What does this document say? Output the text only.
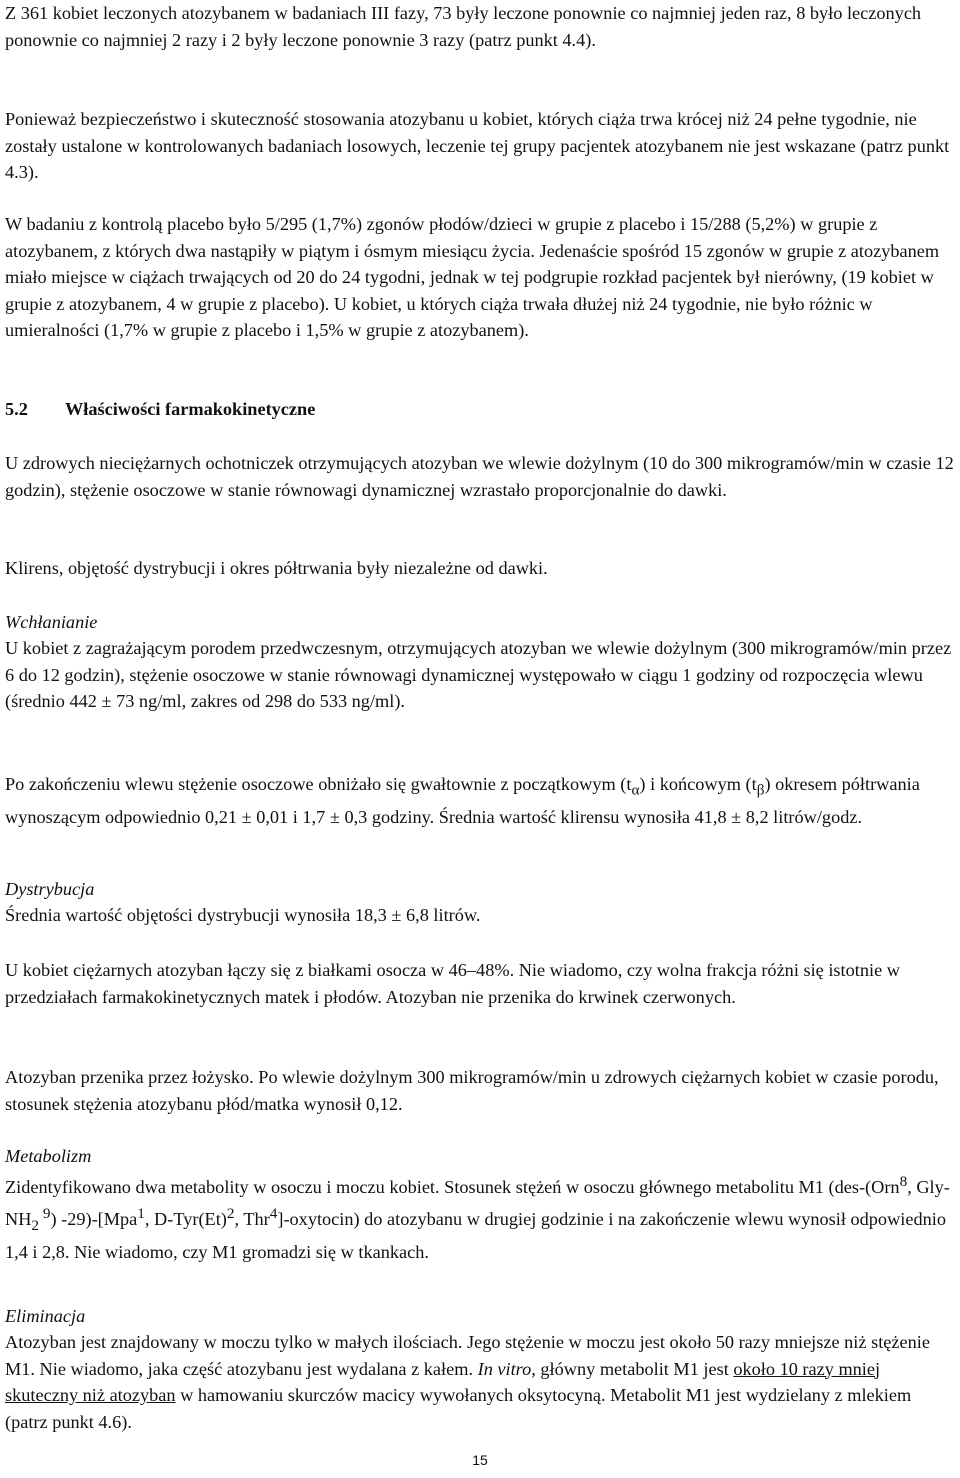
Z 361 kobiet leczonych atozybanem w badaniach III fazy, 73 były leczone ponownie co najmniej jeden raz, 8 było leczonych ponownie co najmniej 2 razy i 2 były leczone ponownie 3 razy (patrz punkt 4.4).

Ponieważ bezpieczeństwo i skuteczność stosowania atozybanu u kobiet, których ciąża trwa krócej niż 24 pełne tygodnie, nie zostały ustalone w kontrolowanych badaniach losowych, leczenie tej grupy pacjentek atozybanem nie jest wskazane (patrz punkt 4.3).

W badaniu z kontrolą placebo było 5/295 (1,7%) zgonów płodów/dzieci w grupie z placebo i 15/288 (5,2%) w grupie z atozybanem, z których dwa nastąpiły w piątym i ósmym miesiącu życia. Jedenaście spośród 15 zgonów w grupie z atozybanem miało miejsce w ciążach trwających od 20 do 24 tygodni, jednak w tej podgrupie rozkład pacjentek był nierówny, (19 kobiet w grupie z atozybanem, 4 w grupie z placebo). U kobiet, u których ciąża trwała dłużej niż 24 tygodnie, nie było różnic w umieralności (1,7% w grupie z placebo i 1,5% w grupie z atozybanem).

5.2 Właściwości farmakokinetyczne

U zdrowych nieciężarnych ochotniczek otrzymujących atozyban we wlewie dożylnym (10 do 300 mikrogramów/min w czasie 12 godzin), stężenie osoczowe w stanie równowagi dynamicznej wzrastało proporcjonalnie do dawki.

Klirens, objętość dystrybucji i okres półtrwania były niezależne od dawki.

Wchłanianie

U kobiet z zagrażającym porodem przedwczesnym, otrzymujących atozyban we wlewie dożylnym (300 mikrogramów/min przez 6 do 12 godzin), stężenie osoczowe w stanie równowagi dynamicznej występowało w ciągu 1 godziny od rozpoczęcia wlewu (średnio 442 ± 73 ng/ml, zakres od 298 do 533 ng/ml).

Po zakończeniu wlewu stężenie osoczowe obniżało się gwałtownie z początkowym $(t_\alpha)$ i końcowym $(t_\beta)$ okresem półtrwania wynoszącym odpowiednio 0,21 ± 0,01 i 1,7 ± 0,3 godziny. Średnia wartość klirensu wynosiła 41,8 ± 8,2 litrów/godz.

Dystrybucja

Średnia wartość objętości dystrybucji wynosiła 18,3 ± 6,8 litrów.

U kobiet ciężarnych atozyban łączy się z białkami osocza w 46–48%. Nie wiadomo, czy wolna frakcja różni się istotnie w przedziałach farmakokinetycznych matek i płodów. Atozyban nie przenika do krwinek czerwonych.

Atozyban przenika przez łożysko. Po wlewie dożylnym 300 mikrogramów/min u zdrowych ciężarnych kobiet w czasie porodu, stosunek stężenia atozybanu płód/matka wynosił 0,12.

Metabolizm

Zidentyfikowano dwa metabolity w osoczu i moczu kobiet. Stosunek stężeń w osoczu głównego metabolitu M1 (des-(Orn$^8$, Gly-$NH_2$ $^9$) -29)-[Mpa$^1$, $D-Tyr(Et)^2$, Thr$^4$]-oxytocin) do atozybanu w drugiej godzinie i na zakończenie wlewu wynosił odpowiednio 1,4 i 2,8. Nie wiadomo, czy M1 gromadzi się w tkankach.

Eliminacja

Atozyban jest znajdowany w moczu tylko w małych ilościach. Jego stężenie w moczu jest około 50 razy mniejsze niż stężenie M1. Nie wiadomo, jaka część atozybanu jest wydalana z kałem. In vitro, główny metabolit M1 jest około 10 razy mniej skuteczny niż atozyban w hamowaniu skurczów macicy wywołanych oksytocyną. Metabolit M1 jest wydzielany z mlekiem (patrz punkt 4.6).

15
